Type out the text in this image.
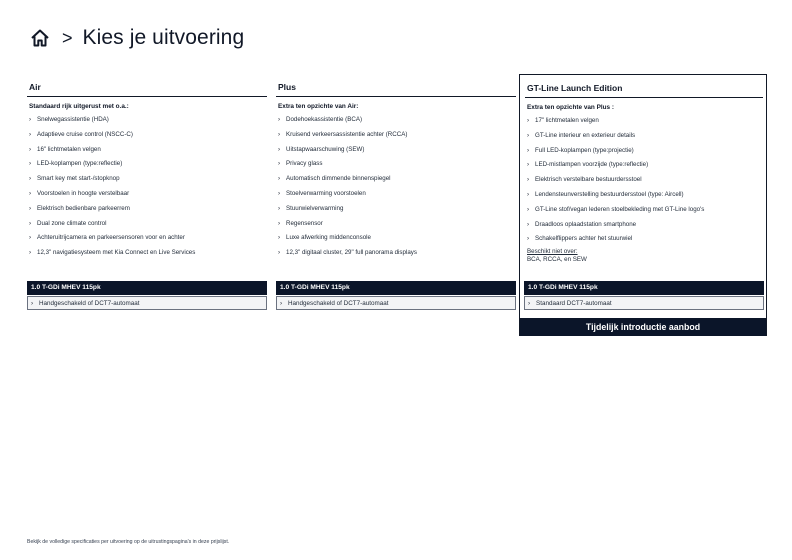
> Kies je uitvoering
Air
Standaard rijk uitgerust met o.a.:
› Snelwegassistentie (HDA)
› Adaptieve cruise control (NSCC-C)
› 16" lichtmetalen velgen
› LED-koplampen (type:reflectie)
› Smart key met start-/stopknop
› Voorstoelen in hoogte verstelbaar
› Elektrisch bedienbare parkeerrem
› Dual zone climate control
› Achteruitrijcamera en parkeersensoren voor en achter
› 12,3" navigatiesysteem met Kia Connect en Live Services
1.0 T-GDi MHEV 115pk
› Handgeschakeld of DCT7-automaat
Plus
Extra ten opzichte van Air:
› Dodehoekassistentie (BCA)
› Kruisend verkeersassistentie achter (RCCA)
› Uitstapwaarschuwing (SEW)
› Privacy glass
› Automatisch dimmende binnenspiegel
› Stoelverwarming voorstoelen
› Stuurwielverwarming
› Regensensor
› Luxe afwerking middenconsole
› 12,3" digitaal cluster, 29" full panorama displays
1.0 T-GDi MHEV 115pk
› Handgeschakeld of DCT7-automaat
GT-Line Launch Edition
Extra ten opzichte van Plus :
› 17" lichtmetalen velgen
› GT-Line interieur en exterieur details
› Full LED-koplampen (type:projectie)
› LED-mistlampen voorzijde (type:reflectie)
› Elektrisch verstelbare bestuurdersstoel
› Lendensteunverstelling bestuurdersstoel (type: Aircell)
› GT-Line stof/vegan lederen stoelbekleding met GT-Line logo's
› Draadloos oplaadstation smartphone
› Schakelflippers achter het stuurwiel
Beschikt niet over:
BCA, RCCA, en SEW
1.0 T-GDi MHEV 115pk
› Standaard DCT7-automaat
Tijdelijk introductie aanbod
Bekijk de volledige specificaties per uitvoering op de uitrustingspagina's in deze prijslijst.
